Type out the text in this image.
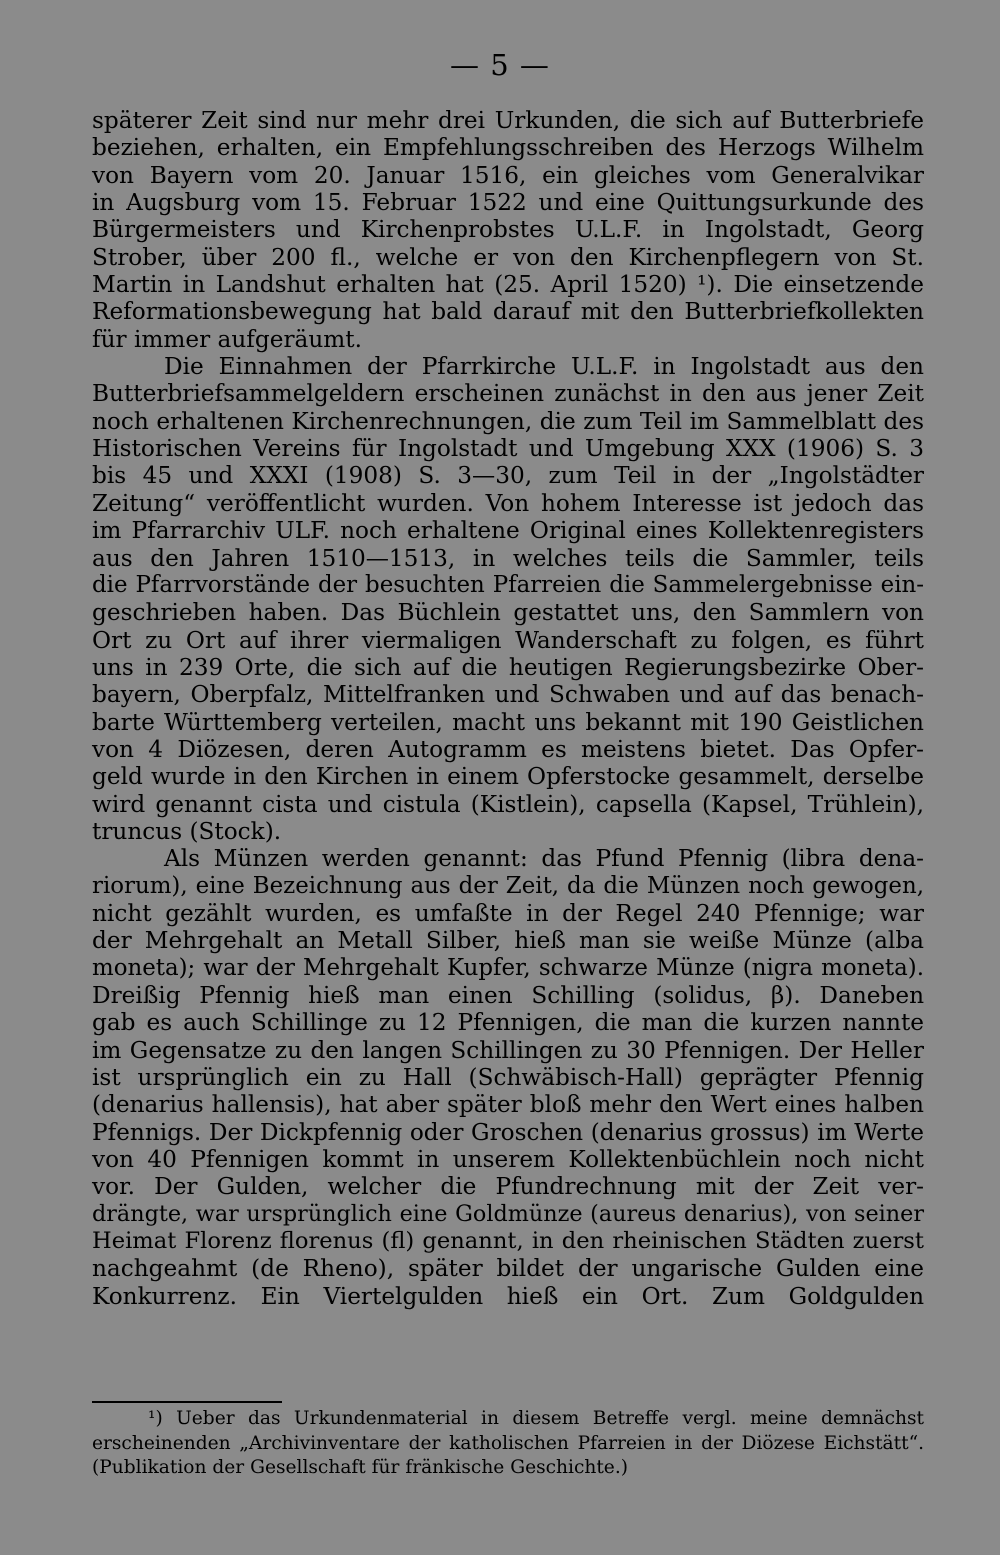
— 5 —
späterer Zeit sind nur mehr drei Urkunden, die sich auf Butterbriefe
beziehen, erhalten, ein Empfehlungsschreiben des Herzogs Wilhelm
von Bayern vom 20. Januar 1516, ein gleiches vom Generalvikar
in Augsburg vom 15. Februar 1522 und eine Quittungsurkunde des
Bürgermeisters und Kirchenprobstes U.L.F. in Ingolstadt, Georg
Strober, über 200 fl., welche er von den Kirchenpflegern von St.
Martin in Landshut erhalten hat (25. April 1520) ¹). Die einsetzende
Reformationsbewegung hat bald darauf mit den Butterbriefkollekten
für immer aufgeräumt.
Die Einnahmen der Pfarrkirche U.L.F. in Ingolstadt aus den
Butterbriefsammelgeldern erscheinen zunächst in den aus jener Zeit
noch erhaltenen Kirchenrechnungen, die zum Teil im Sammelblatt des
Historischen Vereins für Ingolstadt und Umgebung XXX (1906) S. 3
bis 45 und XXXI (1908) S. 3—30, zum Teil in der „Ingolstädter
Zeitung“ veröffentlicht wurden. Von hohem Interesse ist jedoch das
im Pfarrarchiv ULF. noch erhaltene Original eines Kollektenregisters
aus den Jahren 1510—1513, in welches teils die Sammler, teils
die Pfarrvorstände der besuchten Pfarreien die Sammelergebnisse ein-
geschrieben haben. Das Büchlein gestattet uns, den Sammlern von
Ort zu Ort auf ihrer viermaligen Wanderschaft zu folgen, es führt
uns in 239 Orte, die sich auf die heutigen Regierungsbezirke Ober-
bayern, Oberpfalz, Mittelfranken und Schwaben und auf das benach-
barte Württemberg verteilen, macht uns bekannt mit 190 Geistlichen
von 4 Diözesen, deren Autogramm es meistens bietet. Das Opfer-
geld wurde in den Kirchen in einem Opferstocke gesammelt, derselbe
wird genannt cista und cistula (Kistlein), capsella (Kapsel, Trühlein),
truncus (Stock).
Als Münzen werden genannt: das Pfund Pfennig (libra dena-
riorum), eine Bezeichnung aus der Zeit, da die Münzen noch gewogen,
nicht gezählt wurden, es umfaßte in der Regel 240 Pfennige; war
der Mehrgehalt an Metall Silber, hieß man sie weiße Münze (alba
moneta); war der Mehrgehalt Kupfer, schwarze Münze (nigra moneta).
Dreißig Pfennig hieß man einen Schilling (solidus, β). Daneben
gab es auch Schillinge zu 12 Pfennigen, die man die kurzen nannte
im Gegensatze zu den langen Schillingen zu 30 Pfennigen. Der Heller
ist ursprünglich ein zu Hall (Schwäbisch-Hall) geprägter Pfennig
(denarius hallensis), hat aber später bloß mehr den Wert eines halben
Pfennigs. Der Dickpfennig oder Groschen (denarius grossus) im Werte
von 40 Pfennigen kommt in unserem Kollektenbüchlein noch nicht
vor. Der Gulden, welcher die Pfundrechnung mit der Zeit ver-
drängte, war ursprünglich eine Goldmünze (aureus denarius), von seiner
Heimat Florenz florenus (fl) genannt, in den rheinischen Städten zuerst
nachgeahmt (de Rheno), später bildet der ungarische Gulden eine
Konkurrenz. Ein Viertelgulden hieß ein Ort. Zum Goldgulden
¹) Ueber das Urkundenmaterial in diesem Betreffe vergl. meine demnächst
erscheinenden „Archivinventare der katholischen Pfarreien in der Diözese Eichstätt“.
(Publikation der Gesellschaft für fränkische Geschichte.)
